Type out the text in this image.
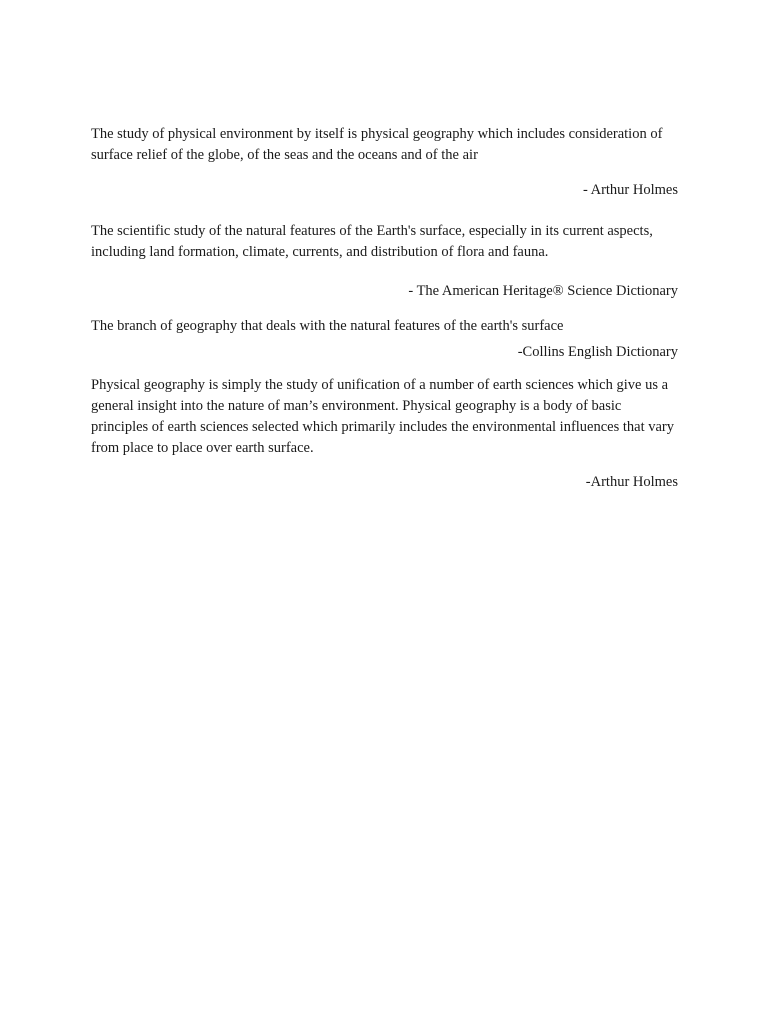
The study of physical environment by itself is physical geography which includes consideration of surface relief of the globe, of the seas and the oceans and of the air

- Arthur Holmes

The scientific study of the natural features of the Earth's surface, especially in its current aspects, including land formation, climate, currents, and distribution of flora and fauna.

- The American Heritage® Science Dictionary

The branch of geography that deals with the natural features of the earth's surface

-Collins English Dictionary

Physical geography is simply the study of unification of a number of earth sciences which give us a general insight into the nature of man’s environment. Physical geography is a body of basic principles of earth sciences selected which primarily includes the environmental influences that vary from place to place over earth surface.

-Arthur Holmes
